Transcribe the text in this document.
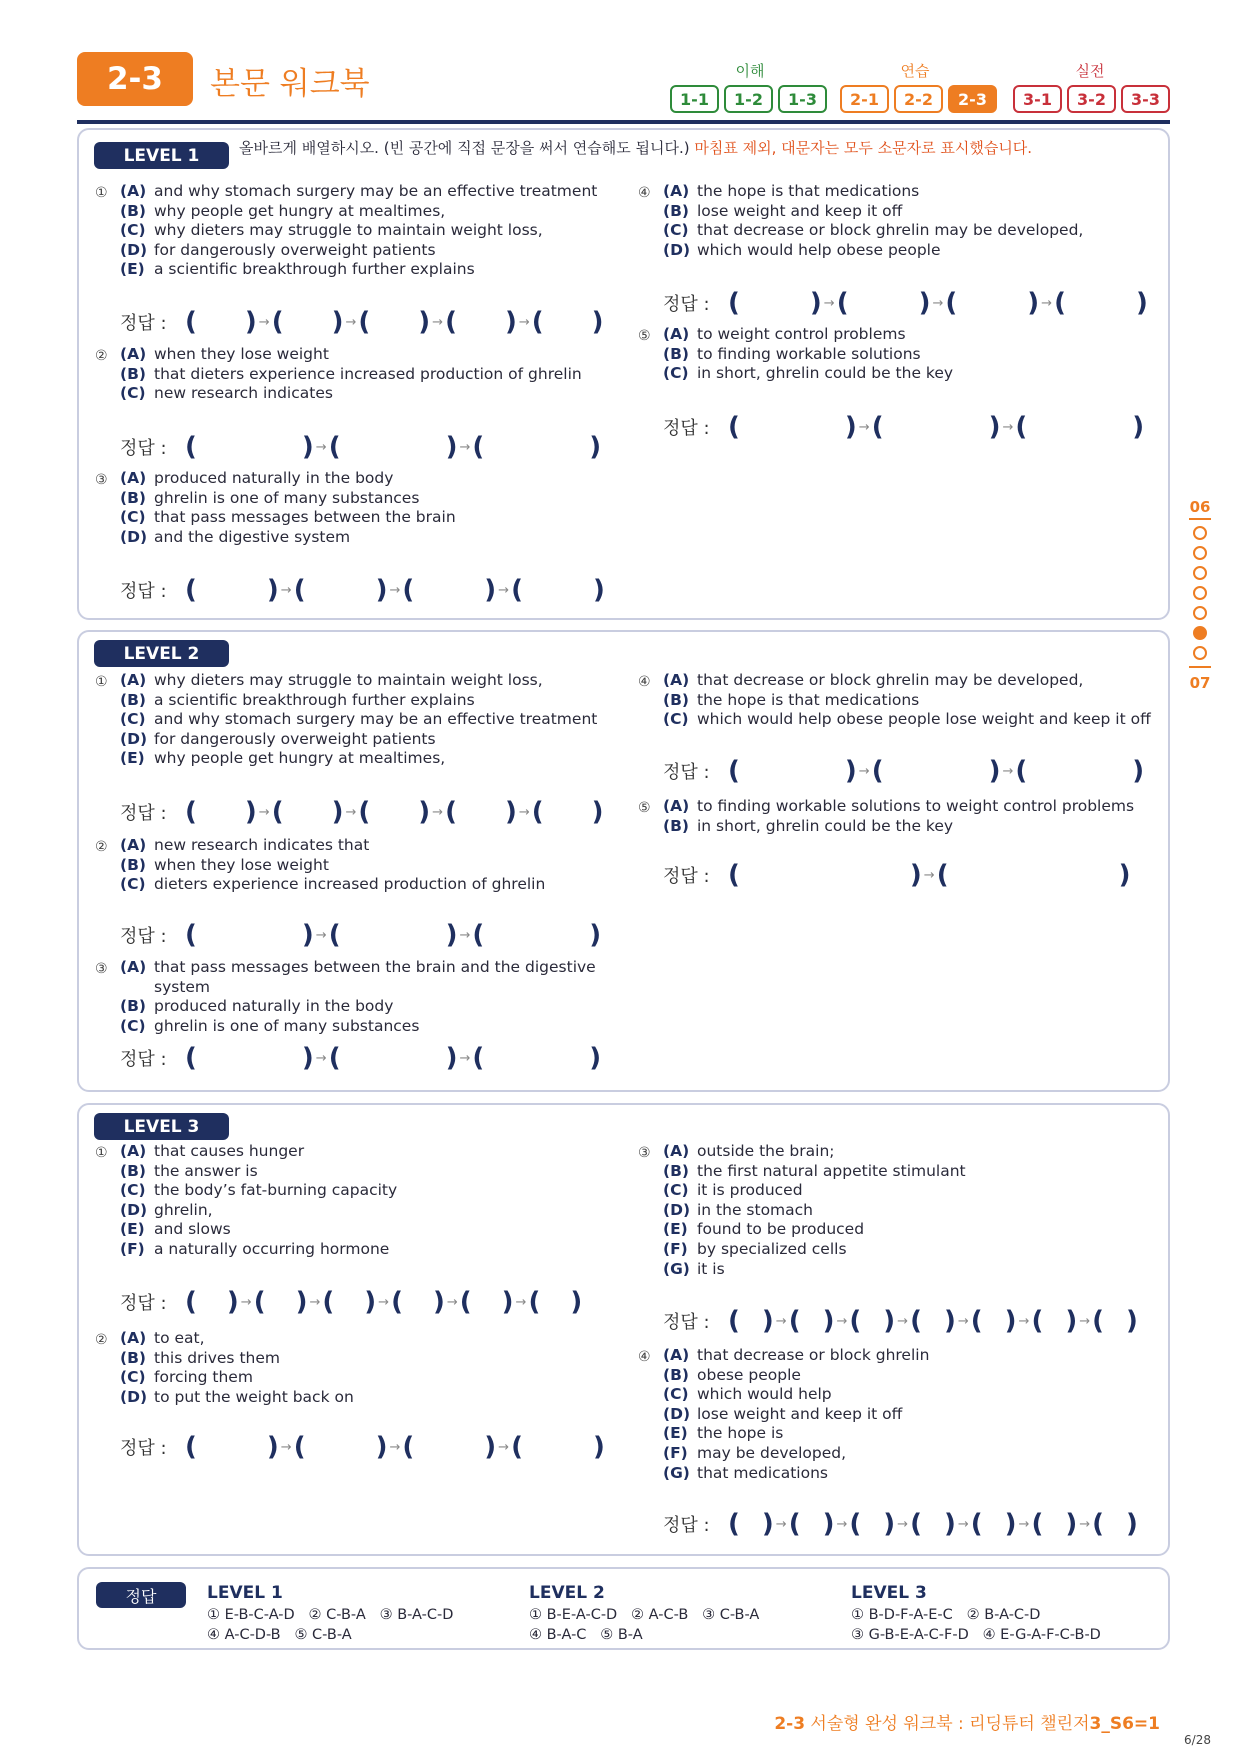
2-3	본문 워크북	이해	연습	실전
1-1	1-2	1-3	2-1	2-2	2-3	3-1	3-2	3-3
06
07
LEVEL 1	올바르게 배열하시오. (빈 공간에 직접 문장을 써서 연습해도 됩니다.) 마침표 제외, 대문자는 모두 소문자로 표시했습니다.
LEVEL 2
LEVEL 3
정답	LEVEL 1
① E-B-C-A-D   ② C-B-A   ③ B-A-C-D
④ A-C-D-B   ⑤ C-B-A
LEVEL 2
① B-E-A-C-D   ② A-C-B   ③ C-B-A
④ B-A-C   ⑤ B-A
LEVEL 3
① B-D-F-A-E-C   ② B-A-C-D
③ G-B-E-A-C-F-D   ④ E-G-A-F-C-B-D
2-3 서술형 완성 워크북 : 리딩튜터 챌린저3_S6=1
6/28
① (A) and why stomach surgery may be an effective treatment
(B) why people get hungry at mealtimes,
(C) why dieters may struggle to maintain weight loss,
(D) for dangerously overweight patients
(E) a scientific breakthrough further explains
정답 : ( ) → ( ) → ( ) → ( ) → ( )
② (A) when they lose weight
(B) that dieters experience increased production of ghrelin
(C) new research indicates
정답 : (	) → (	) → (	)
③ (A) produced naturally in the body
(B) ghrelin is one of many substances
(C) that pass messages between the brain
(D) and the digestive system
정답 : (	) → (	) → (	) → (	)
④ (A) the hope is that medications
(B) lose weight and keep it off
(C) that decrease or block ghrelin may be developed,
(D) which would help obese people
정답 : (	) → (	) → (	) → (	)
⑤ (A) to weight control problems
(B) to finding workable solutions
(C) in short, ghrelin could be the key
정답 : (	) → (	) → (	)
① (A) why dieters may struggle to maintain weight loss,
(B) a scientific breakthrough further explains
(C) and why stomach surgery may be an effective treatment
(D) for dangerously overweight patients
(E) why people get hungry at mealtimes,
정답 : ( ) → ( ) → ( ) → ( ) → ( )
② (A) new research indicates that
(B) when they lose weight
(C) dieters experience increased production of ghrelin
정답 : (	) → (	) → (	)
③ (A) that pass messages between the brain and the digestive system
(B) produced naturally in the body
(C) ghrelin is one of many substances
정답 : (	) → (	) → (	)
④ (A) that decrease or block ghrelin may be developed,
(B) the hope is that medications
(C) which would help obese people lose weight and keep it off
정답 : (	) → (	) → (	)
⑤ (A) to finding workable solutions to weight control problems
(B) in short, ghrelin could be the key
정답 : (	) → (	)
① (A) that causes hunger
(B) the answer is
(C) the body’s fat-burning capacity
(D) ghrelin,
(E) and slows
(F) a naturally occurring hormone
정답 : ( ) → ( ) → ( ) → ( ) → ( ) → ( )
② (A) to eat,
(B) this drives them
(C) forcing them
(D) to put the weight back on
정답 : (	) → (	) → (	) → (	)
③ (A) outside the brain;
(B) the first natural appetite stimulant
(C) it is produced
(D) in the stomach
(E) found to be produced
(F) by specialized cells
(G) it is
정답 : ( ) → ( ) → ( ) → ( ) → ( ) → ( ) → ( )
④ (A) that decrease or block ghrelin
(B) obese people
(C) which would help
(D) lose weight and keep it off
(E) the hope is
(F) may be developed,
(G) that medications
정답 : ( ) → ( ) → ( ) → ( ) → ( ) → ( ) → ( )
